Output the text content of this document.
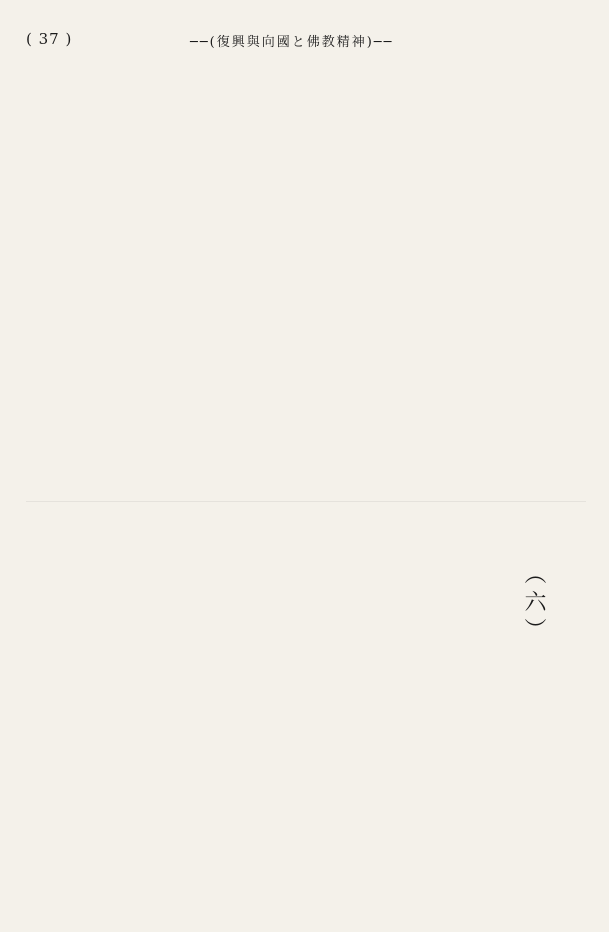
( 37 )	──(復興與向國と佛教精神)──
（六）
